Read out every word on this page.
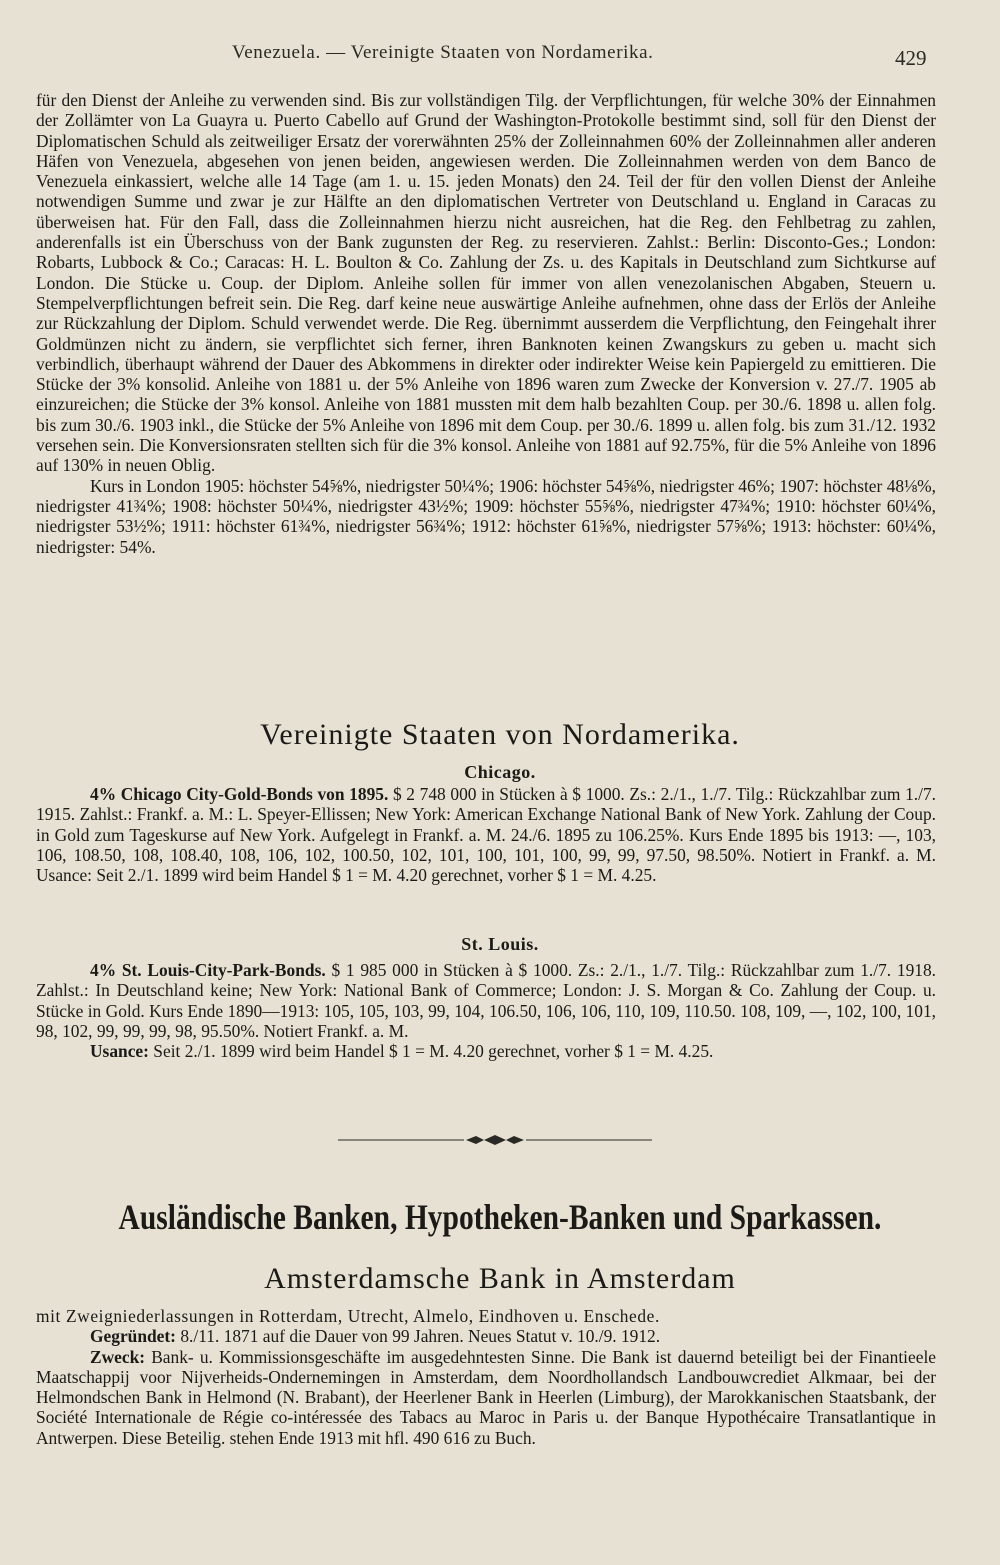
Venezuela. — Vereinigte Staaten von Nordamerika.	429

für den Dienst der Anleihe zu verwenden sind. Bis zur vollständigen Tilg. der Verpflichtungen, für welche 30% der Einnahmen der Zollämter von La Guayra u. Puerto Cabello auf Grund der Washington-Protokolle bestimmt sind, soll für den Dienst der Diplomatischen Schuld als zeitweiliger Ersatz der vorerwähnten 25% der Zolleinnahmen 60% der Zolleinnahmen aller anderen Häfen von Venezuela, abgesehen von jenen beiden, angewiesen werden. Die Zolleinnahmen werden von dem Banco de Venezuela einkassiert, welche alle 14 Tage (am 1. u. 15. jeden Monats) den 24. Teil der für den vollen Dienst der Anleihe notwendigen Summe und zwar je zur Hälfte an den diplomatischen Vertreter von Deutschland u. England in Caracas zu überweisen hat. Für den Fall, dass die Zolleinnahmen hierzu nicht ausreichen, hat die Reg. den Fehlbetrag zu zahlen, anderenfalls ist ein Überschuss von der Bank zugunsten der Reg. zu reservieren. Zahlst.: Berlin: Disconto-Ges.; London: Robarts, Lubbock & Co.; Caracas: H. L. Boulton & Co. Zahlung der Zs. u. des Kapitals in Deutschland zum Sichtkurse auf London. Die Stücke u. Coup. der Diplom. Anleihe sollen für immer von allen venezolanischen Abgaben, Steuern u. Stempelverpflichtungen befreit sein. Die Reg. darf keine neue auswärtige Anleihe aufnehmen, ohne dass der Erlös der Anleihe zur Rückzahlung der Diplom. Schuld verwendet werde. Die Reg. übernimmt ausserdem die Verpflichtung, den Feingehalt ihrer Goldmünzen nicht zu ändern, sie verpflichtet sich ferner, ihren Banknoten keinen Zwangskurs zu geben u. macht sich verbindlich, überhaupt während der Dauer des Abkommens in direkter oder indirekter Weise kein Papiergeld zu emittieren. Die Stücke der 3% konsolid. Anleihe von 1881 u. der 5% Anleihe von 1896 waren zum Zwecke der Konversion v. 27./7. 1905 ab einzureichen; die Stücke der 3% konsol. Anleihe von 1881 mussten mit dem halb bezahlten Coup. per 30./6. 1898 u. allen folg. bis zum 30./6. 1903 inkl., die Stücke der 5% Anleihe von 1896 mit dem Coup. per 30./6. 1899 u. allen folg. bis zum 31./12. 1932 versehen sein. Die Konversionsraten stellten sich für die 3% konsol. Anleihe von 1881 auf 92.75%, für die 5% Anleihe von 1896 auf 130% in neuen Oblig.

Kurs in London 1905: höchster 54⅝%, niedrigster 50¼%; 1906: höchster 54⅝%, niedrigster 46%; 1907: höchster 48⅛%, niedrigster 41¾%; 1908: höchster 50¼%, niedrigster 43½%; 1909: höchster 55⅝%, niedrigster 47¾%; 1910: höchster 60¼%, niedrigster 53½%; 1911: höchster 61¾%, niedrigster 56¾%; 1912: höchster 61⅝%, niedrigster 57⅝%; 1913: höchster: 60¼%, niedrigster: 54%.

Vereinigte Staaten von Nordamerika.
Chicago.

4% Chicago City-Gold-Bonds von 1895. $ 2 748 000 in Stücken à $ 1000. Zs.: 2./1., 1./7. Tilg.: Rückzahlbar zum 1./7. 1915. Zahlst.: Frankf. a. M.: L. Speyer-Ellissen; New York: American Exchange National Bank of New York. Zahlung der Coup. in Gold zum Tageskurse auf New York. Aufgelegt in Frankf. a. M. 24./6. 1895 zu 106.25%. Kurs Ende 1895 bis 1913: —, 103, 106, 108.50, 108, 108.40, 108, 106, 102, 100.50, 102, 101, 100, 101, 100, 99, 99, 97.50, 98.50%. Notiert in Frankf. a. M. Usance: Seit 2./1. 1899 wird beim Handel $ 1 = M. 4.20 gerechnet, vorher $ 1 = M. 4.25.

St. Louis.

4% St. Louis-City-Park-Bonds. $ 1 985 000 in Stücken à $ 1000. Zs.: 2./1., 1./7. Tilg.: Rückzahlbar zum 1./7. 1918. Zahlst.: In Deutschland keine; New York: National Bank of Commerce; London: J. S. Morgan & Co. Zahlung der Coup. u. Stücke in Gold. Kurs Ende 1890—1913: 105, 105, 103, 99, 104, 106.50, 106, 106, 110, 109, 110.50. 108, 109, —, 102, 100, 101, 98, 102, 99, 99, 99, 98, 95.50%. Notiert Frankf. a. M.

Usance: Seit 2./1. 1899 wird beim Handel $ 1 = M. 4.20 gerechnet, vorher $ 1 = M. 4.25.

Ausländische Banken, Hypotheken-Banken und Sparkassen.
Amsterdamsche Bank in Amsterdam

mit Zweigniederlassungen in Rotterdam, Utrecht, Almelo, Eindhoven u. Enschede.

Gegründet: 8./11. 1871 auf die Dauer von 99 Jahren. Neues Statut v. 10./9. 1912.

Zweck: Bank- u. Kommissionsgeschäfte im ausgedehntesten Sinne. Die Bank ist dauernd beteiligt bei der Finantieele Maatschappij voor Nijverheids-Ondernemingen in Amsterdam, dem Noordhollandsch Landbouwcrediet Alkmaar, bei der Helmondschen Bank in Helmond (N. Brabant), der Heerlener Bank in Heerlen (Limburg), der Marokkanischen Staatsbank, der Société Internationale de Régie co-intéressée des Tabacs au Maroc in Paris u. der Banque Hypothécaire Transatlantique in Antwerpen. Diese Beteilig. stehen Ende 1913 mit hfl. 490 616 zu Buch.
